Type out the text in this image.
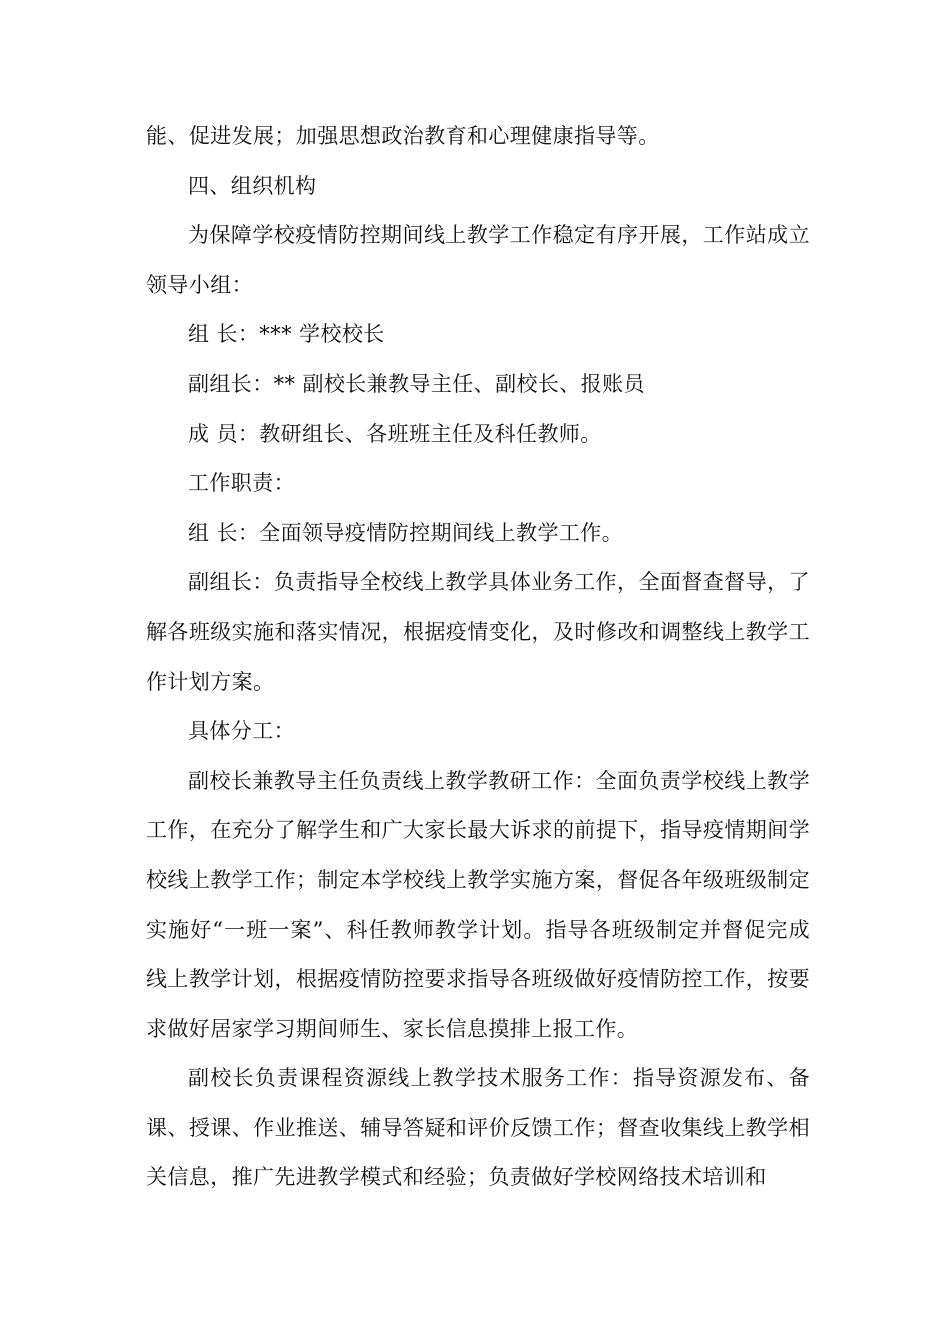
能、促进发展；加强思想政治教育和心理健康指导等。

四、组织机构

为保障学校疫情防控期间线上教学工作稳定有序开展，工作站成立领导小组：

组 长：*** 学校校长

副组长：** 副校长兼教导主任、副校长、报账员

成 员：教研组长、各班班主任及科任教师。

工作职责：

组 长：全面领导疫情防控期间线上教学工作。

副组长：负责指导全校线上教学具体业务工作，全面督查督导，了解各班级实施和落实情况，根据疫情变化，及时修改和调整线上教学工作计划方案。

具体分工：

副校长兼教导主任负责线上教学教研工作：全面负责学校线上教学工作，在充分了解学生和广大家长最大诉求的前提下，指导疫情期间学校线上教学工作；制定本学校线上教学实施方案，督促各年级班级制定实施好“一班一案”、科任教师教学计划。指导各班级制定并督促完成线上教学计划，根据疫情防控要求指导各班级做好疫情防控工作，按要求做好居家学习期间师生、家长信息摸排上报工作。

副校长负责课程资源线上教学技术服务工作：指导资源发布、备课、授课、作业推送、辅导答疑和评价反馈工作；督查收集线上教学相关信息，推广先进教学模式和经验；负责做好学校网络技术培训和
